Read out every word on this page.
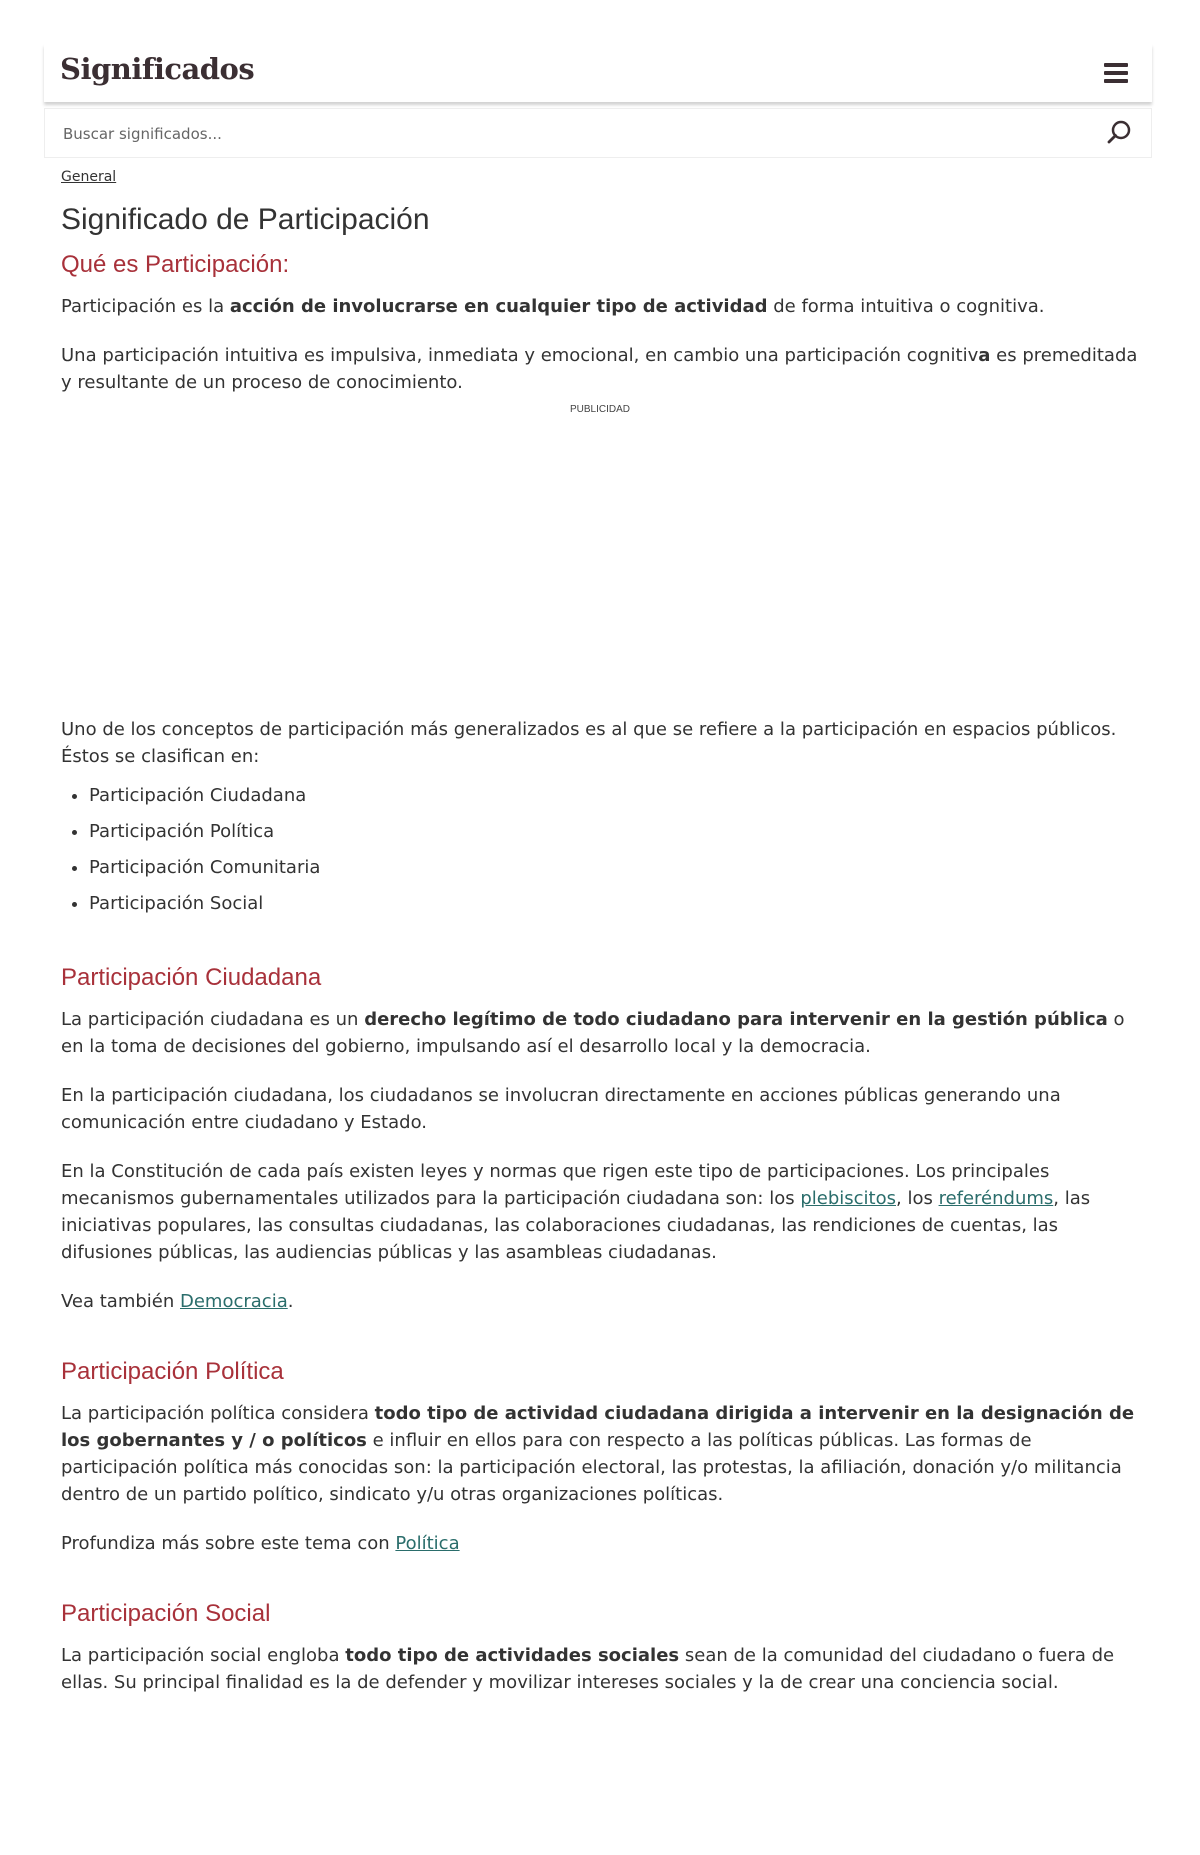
Significados
Buscar significados...
General
Significado de Participación
Qué es Participación:

Participación es la acción de involucrarse en cualquier tipo de actividad de forma intuitiva o cognitiva.

Una participación intuitiva es impulsiva, inmediata y emocional, en cambio una participación cognitiva es premeditada y resultante de un proceso de conocimiento.

PUBLICIDAD

Uno de los conceptos de participación más generalizados es al que se refiere a la participación en espacios públicos. Éstos se clasifican en:

• Participación Ciudadana
• Participación Política
• Participación Comunitaria
• Participación Social
Participación Ciudadana

La participación ciudadana es un derecho legítimo de todo ciudadano para intervenir en la gestión pública o en la toma de decisiones del gobierno, impulsando así el desarrollo local y la democracia.

En la participación ciudadana, los ciudadanos se involucran directamente en acciones públicas generando una comunicación entre ciudadano y Estado.

En la Constitución de cada país existen leyes y normas que rigen este tipo de participaciones. Los principales mecanismos gubernamentales utilizados para la participación ciudadana son: los plebiscitos, los referéndums, las iniciativas populares, las consultas ciudadanas, las colaboraciones ciudadanas, las rendiciones de cuentas, las difusiones públicas, las audiencias públicas y las asambleas ciudadanas.

Vea también Democracia.

Participación Política

La participación política considera todo tipo de actividad ciudadana dirigida a intervenir en la designación de los gobernantes y / o políticos e influir en ellos para con respecto a las políticas públicas. Las formas de participación política más conocidas son: la participación electoral, las protestas, la afiliación, donación y/o militancia dentro de un partido político, sindicato y/u otras organizaciones políticas.

Profundiza más sobre este tema con Política

Participación Social

La participación social engloba todo tipo de actividades sociales sean de la comunidad del ciudadano o fuera de ellas. Su principal finalidad es la de defender y movilizar intereses sociales y la de crear una conciencia social.
